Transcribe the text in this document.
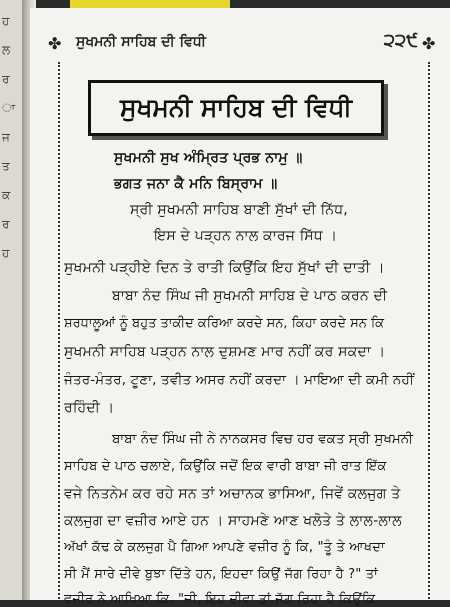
ਹ
ਲ
ਰ
ਾ
ਜ
ਤ
ਕ
ਰ
ਹ
✤ ਸੁਖਮਨੀ ਸਾਹਿਬ ਦੀ ਵਿਧੀ	੨੨੯ ✤
ਸੁਖਮਨੀ ਸਾਹਿਬ ਦੀ ਵਿਧੀ
ਸੁਖਮਨੀ ਸੁਖ ਅੰਮ੍ਰਿਤ ਪ੍ਰਭ ਨਾਮੁ ॥
ਭਗਤ ਜਨਾ ਕੈ ਮਨਿ ਬਿਸ੍ਰਾਮ ॥
ਸ੍ਰੀ ਸੁਖਮਨੀ ਸਾਹਿਬ ਬਾਣੀ ਸੁੱਖਾਂ ਦੀ ਨਿੱਧ,
ਇਸ ਦੇ ਪੜ੍ਹਨ ਨਾਲ ਕਾਰਜ ਸਿੱਧ ।
ਸੁਖਮਨੀ ਪੜ੍ਹੀਏ ਦਿਨ ਤੇ ਰਾਤੀ ਕਿਉਂਕਿ ਇਹ ਸੁੱਖਾਂ ਦੀ ਦਾਤੀ ।
ਬਾਬਾ ਨੰਦ ਸਿੰਘ ਜੀ ਸੁਖਮਨੀ ਸਾਹਿਬ ਦੇ ਪਾਠ ਕਰਨ ਦੀ
ਸ਼ਰਧਾਲੂਆਂ ਨੂੰ ਬਹੁਤ ਤਾਕੀਦ ਕਰਿਆ ਕਰਦੇ ਸਨ, ਕਿਹਾ ਕਰਦੇ ਸਨ ਕਿ
ਸੁਖਮਨੀ ਸਾਹਿਬ ਪੜ੍ਹਨ ਨਾਲ ਦੁਸ਼ਮਣ ਮਾਰ ਨਹੀਂ ਕਰ ਸਕਦਾ ।
ਜੰਤਰ-ਮੰਤਰ, ਟੂਣਾ, ਤਵੀਤ ਅਸਰ ਨਹੀਂ ਕਰਦਾ । ਮਾਇਆ ਦੀ ਕਮੀ ਨਹੀਂ
ਰਹਿੰਦੀ ।
ਬਾਬਾ ਨੰਦ ਸਿੰਘ ਜੀ ਨੇ ਨਾਨਕਸਰ ਵਿਚ ਹਰ ਵਕਤ ਸ੍ਰੀ ਸੁਖਮਨੀ
ਸਾਹਿਬ ਦੇ ਪਾਠ ਚਲਾਏ, ਕਿਉਂਕਿ ਜਦੋਂ ਇਕ ਵਾਰੀ ਬਾਬਾ ਜੀ ਰਾਤ ਇੱਕ
ਵਜੇ ਨਿਤਨੇਮ ਕਰ ਰਹੇ ਸਨ ਤਾਂ ਅਚਾਨਕ ਭਾਸਿਆ, ਜਿਵੇਂ ਕਲਜੁਗ ਤੇ
ਕਲਜੁਗ ਦਾ ਵਜ਼ੀਰ ਆਏ ਹਨ । ਸਾਹਮਣੇ ਆਣ ਖਲੋਤੇ ਤੇ ਲਾਲ-ਲਾਲ
ਅੱਖਾਂ ਕੱਢ ਕੇ ਕਲਜੁਗ ਪੈ ਗਿਆ ਆਪਣੇ ਵਜ਼ੀਰ ਨੂੰ ਕਿ, "ਤੂੰ ਤੇ ਆਖਦਾ
ਸੀ ਮੈਂ ਸਾਰੇ ਦੀਵੇ ਬੁਝਾ ਦਿੱਤੇ ਹਨ, ਇਹਦਾ ਕਿਉਂ ਜੱਗ ਰਿਹਾ ਹੈ ?" ਤਾਂ
ਵਜ਼ੀਰ ਨੇ ਆਖਿਆ ਕਿ, "ਜੀ, ਇਹ ਦੀਵਾ ਤਾਂ ਜੱਗ ਰਿਹਾ ਹੈ ਕਿਉਂਕਿ
